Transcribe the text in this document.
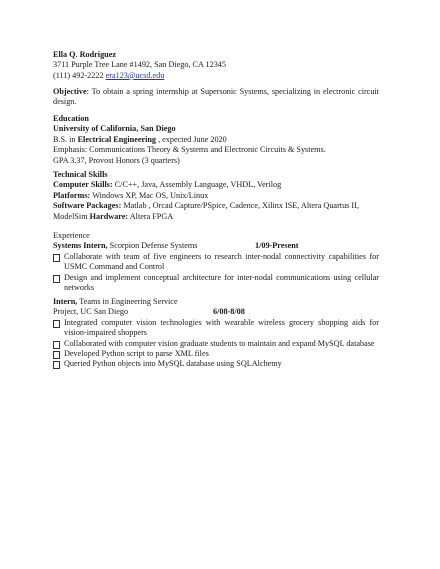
Ella Q. Rodriguez
3711 Purple Tree Lane #1492, San Diego, CA 12345
(111) 492-2222 era123@ucsd.edu
Objective: To obtain a spring internship at Supersonic Systems, specializing in electronic circuit design.
Education
University of California, San Diego
B.S. in Electrical Engineering , expected June 2020
Emphasis: Communications Theory & Systems and Electronic Circuits & Systems.
GPA 3.37, Provost Honors (3 quarters)
Technical Skills
Computer Skills: C/C++, Java, Assembly Language, VHDL, Verilog
Platforms: Windows XP, Mac OS, Unix/Linux
Software Packages: Matlab , Orcad Capture/PSpice, Cadence, Xilinx ISE, Altera Quartus II, ModelSim Hardware: Altera FPGA
Experience
Systems Intern, Scorpion Defense Systems	1/09-Present
Collaborate with team of five engineers to research inter-nodal connectivity capabilities for USMC Command and Control
Design and implement conceptual architecture for inter-nodal communications using cellular networks
Intern, Teams in Engineering Service
Project, UC San Diego	6/08-8/08
Integrated computer vision technologies with wearable wireless grocery shopping aids for vision-impaired shoppers
Collaborated with computer vision graduate students to maintain and expand MySQL database
Developed Python script to parse XML files
Queried Python objects into MySQL database using SQLAlchemy
